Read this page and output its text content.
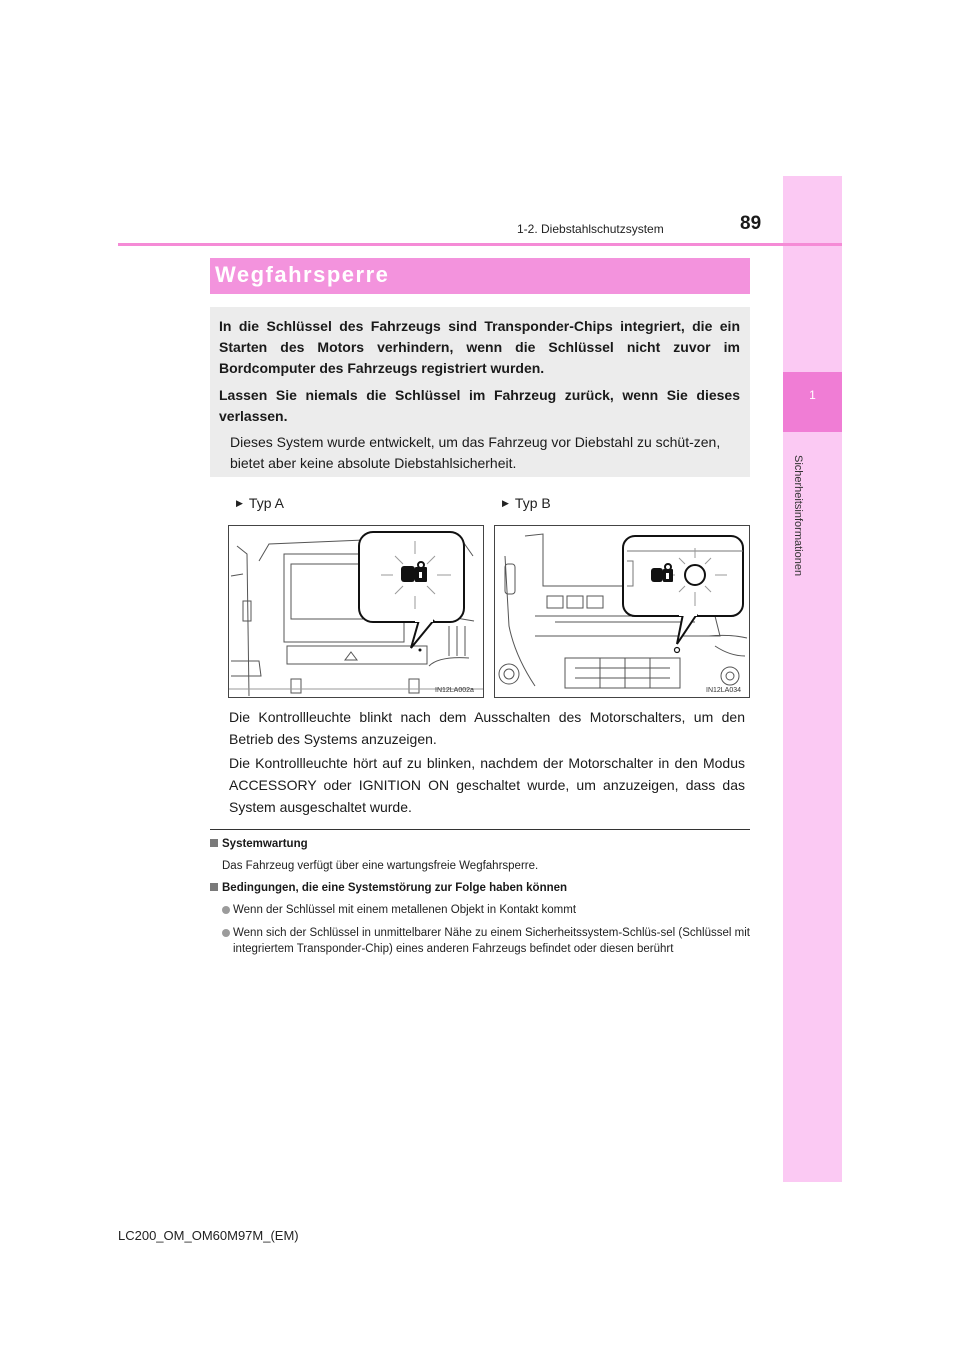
1
Sicherheitsinformationen
1-2. Diebstahlschutzsystem	89
Wegfahrsperre

In die Schlüssel des Fahrzeugs sind Transponder-Chips integriert, die ein Starten des Motors verhindern, wenn die Schlüssel nicht zuvor im Bordcomputer des Fahrzeugs registriert wurden.

Lassen Sie niemals die Schlüssel im Fahrzeug zurück, wenn Sie dieses verlassen.

Dieses System wurde entwickelt, um das Fahrzeug vor Diebstahl zu schüt-zen, bietet aber keine absolute Diebstahlsicherheit.

▶ Typ A	▶ Typ B
IN12LA002a	IN12LA034

Die Kontrollleuchte blinkt nach dem Ausschalten des Motorschalters, um den Betrieb des Systems anzuzeigen.

Die Kontrollleuchte hört auf zu blinken, nachdem der Motorschalter in den Modus ACCESSORY oder IGNITION ON geschaltet wurde, um anzuzeigen, dass das System ausgeschaltet wurde.

Systemwartung
Das Fahrzeug verfügt über eine wartungsfreie Wegfahrsperre.
Bedingungen, die eine Systemstörung zur Folge haben können
Wenn der Schlüssel mit einem metallenen Objekt in Kontakt kommt
Wenn sich der Schlüssel in unmittelbarer Nähe zu einem Sicherheitssystem-Schlüs-sel (Schlüssel mit integriertem Transponder-Chip) eines anderen Fahrzeugs befindet oder diesen berührt
LC200_OM_OM60M97M_(EM)
